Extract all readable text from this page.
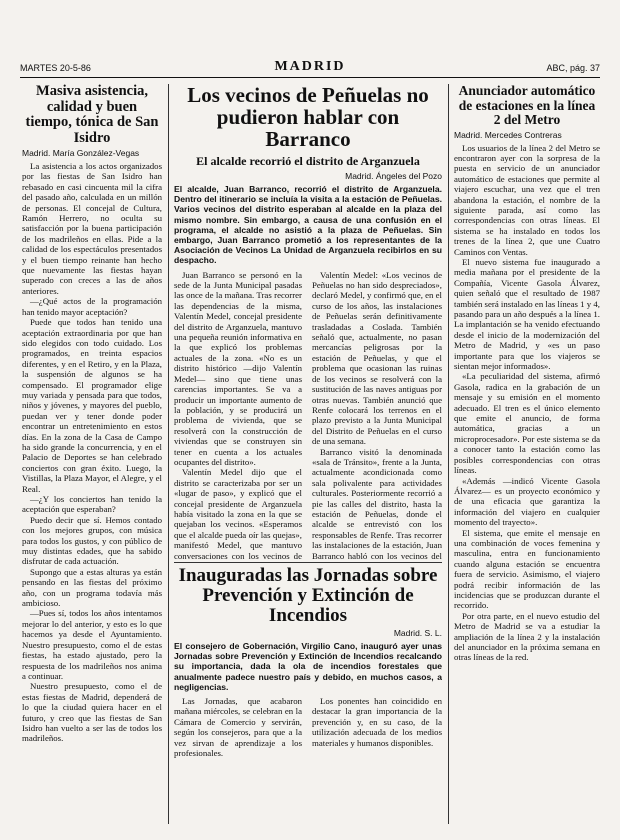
MARTES 20-5-86	MADRID	ABC, pág. 37
Masiva asistencia, calidad y buen tiempo, tónica de San Isidro
Madrid. María González-Vegas

La asistencia a los actos organizados por las fiestas de San Isidro han rebasado en casi cincuenta mil la cifra del pasado año, calculada en un millón de personas. El concejal de Cultura, Ramón Herrero, no oculta su satisfacción por la buena participación de los madrileños en ellas. Pide a la calidad de los espectáculos presentados y el buen tiempo reinante han hecho que nuevamente las fiestas hayan superado con creces a las de años anteriores.

—¿Qué actos de la programación han tenido mayor aceptación?

Puede que todos han tenido una aceptación extraordinaria por que han sido elegidos con todo cuidado. Los programados, en treinta espacios diferentes, y en el Retiro, y en la Plaza, la suspensión de algunos se ha compensado. El programador elige muy variada y pensada para que todos, niños y jóvenes, y mayores del pueblo, puedan ver y tener donde poder encontrar un entretenimiento en estos días. En la zona de la Casa de Campo ha sido grande la concurrencia, y en el Palacio de Deportes se han celebrado conciertos con gran éxito. Luego, la Vistillas, la Plaza Mayor, el Alegre, y el Real.

—¿Y los conciertos han tenido la aceptación que esperaban?

Puedo decir que sí. Hemos contado con los mejores grupos, con música para todos los gustos, y con público de muy distintas edades, que ha sabido disfrutar de cada actuación.

Supongo que a estas alturas ya están pensando en las fiestas del próximo año, con un programa todavía más ambicioso.

—Pues sí, todos los años intentamos mejorar lo del anterior, y esto es lo que hacemos ya desde el Ayuntamiento. Nuestro presupuesto, como el de estas fiestas, ha estado ajustado, pero la respuesta de los madrileños nos anima a continuar.

Nuestro presupuesto, como el de estas fiestas de Madrid, dependerá de lo que la ciudad quiera hacer en el futuro, y creo que las fiestas de San Isidro han vuelto a ser las de todos los madrileños.

Los vecinos de Peñuelas no pudieron hablar con Barranco
El alcalde recorrió el distrito de Arganzuela
Madrid. Ángeles del Pozo
El alcalde, Juan Barranco, recorrió el distrito de Arganzuela. Dentro del itinerario se incluía la visita a la estación de Peñuelas. Varios vecinos del distrito esperaban al alcalde en la plaza del mismo nombre. Sin embargo, a causa de una confusión en el programa, el alcalde no asistió a la plaza de Peñuelas. Sin embargo, Juan Barranco prometió a los representantes de la Asociación de Vecinos La Unidad de Arganzuela recibirlos en su despacho.

Juan Barranco se personó en la sede de la Junta Municipal pasadas las once de la mañana. Tras recorrer las dependencias de la misma, Valentín Medel, concejal presidente del distrito de Arganzuela, mantuvo una pequeña reunión informativa en la que explicó los problemas actuales de la zona. «No es un distrito histórico —dijo Valentín Medel— sino que tiene unas carencias importantes. Se va a producir un importante aumento de la población, y se producirá un problema de vivienda, que se resolverá con la construcción de viviendas que se construyen sin tener en cuenta a los actuales ocupantes del distrito».

Valentín Medel dijo que el distrito se caracterizaba por ser un «lugar de paso», y explicó que el concejal presidente de Arganzuela había visitado la zona en la que se quejaban los vecinos. «Esperamos que el alcalde pueda oír las quejas», manifestó Medel, que mantuvo conversaciones con los vecinos de

Valentín Medel: «Los vecinos de Peñuelas no han sido despreciados», declaró Medel, y confirmó que, en el curso de los años, las instalaciones de Peñuelas serán definitivamente trasladadas a Coslada. También señaló que, actualmente, no pasan mercancías peligrosas por la estación de Peñuelas, y que el problema que ocasionan las ruinas de los vecinos se resolverá con la sustitución de las naves antiguas por otras nuevas. También anunció que Renfe colocará los terrenos en el plazo previsto a la Junta Municipal del Distrito de Peñuelas en el curso de una semana.

Barranco visitó la denominada «sala de Tránsito», frente a la Junta, actualmente acondicionada como sala polivalente para actividades culturales. Posteriormente recorrió a pie las calles del distrito, hasta la estación de Peñuelas, donde el alcalde se entrevistó con los responsables de Renfe. Tras recorrer las instalaciones de la estación, Juan Barranco habló con los vecinos del

Inauguradas las Jornadas sobre Prevención y Extinción de Incendios
Madrid. S. L.
El consejero de Gobernación, Virgilio Cano, inauguró ayer unas Jornadas sobre Prevención y Extinción de Incendios recalcando su importancia, dada la ola de incendios forestales que anualmente padece nuestro país y debido, en muchos casos, a negligencias.

Las Jornadas, que acabaron mañana miércoles, se celebran en la Cámara de Comercio y servirán, según los consejeros, para que a la vez sirvan de aprendizaje a los profesionales.

Los ponentes han coincidido en destacar la gran importancia de la prevención y, en su caso, de la utilización adecuada de los medios materiales y humanos disponibles.

Anunciador automático de estaciones en la línea 2 del Metro
Madrid. Mercedes Contreras

Los usuarios de la línea 2 del Metro se encontraron ayer con la sorpresa de la puesta en servicio de un anunciador automático de estaciones que permite al viajero escuchar, una vez que el tren abandona la estación, el nombre de la siguiente parada, así como las correspondencias con otras líneas. El sistema se ha instalado en todos los trenes de la línea 2, que une Cuatro Caminos con Ventas.

El nuevo sistema fue inaugurado a media mañana por el presidente de la Compañía, Vicente Gasola Álvarez, quien señaló que el resultado de 1987 también será instalado en las líneas 1 y 4, pasando para un año después a la línea 1. La implantación se ha venido efectuando desde el inicio de la modernización del Metro de Madrid, y «es un paso importante para que los viajeros se sientan mejor informados».

«La peculiaridad del sistema, afirmó Gasola, radica en la grabación de un mensaje y su emisión en el momento adecuado. El tren es el único elemento que emite el anuncio, de forma automática, gracias a un microprocesador». Por este sistema se da a conocer tanto la estación como las posibles correspondencias con otras líneas.

«Además —indicó Vicente Gasola Álvarez— es un proyecto económico y de una eficacia que garantiza la información del viajero en cualquier momento del trayecto».

El sistema, que emite el mensaje en una combinación de voces femenina y masculina, entra en funcionamiento cuando alguna estación se encuentra fuera de servicio. Asimismo, el viajero podrá recibir información de las incidencias que se produzcan durante el recorrido.

Por otra parte, en el nuevo estudio del Metro de Madrid se va a estudiar la ampliación de la línea 2 y la instalación del anunciador en la próxima semana en otras líneas de la red.
